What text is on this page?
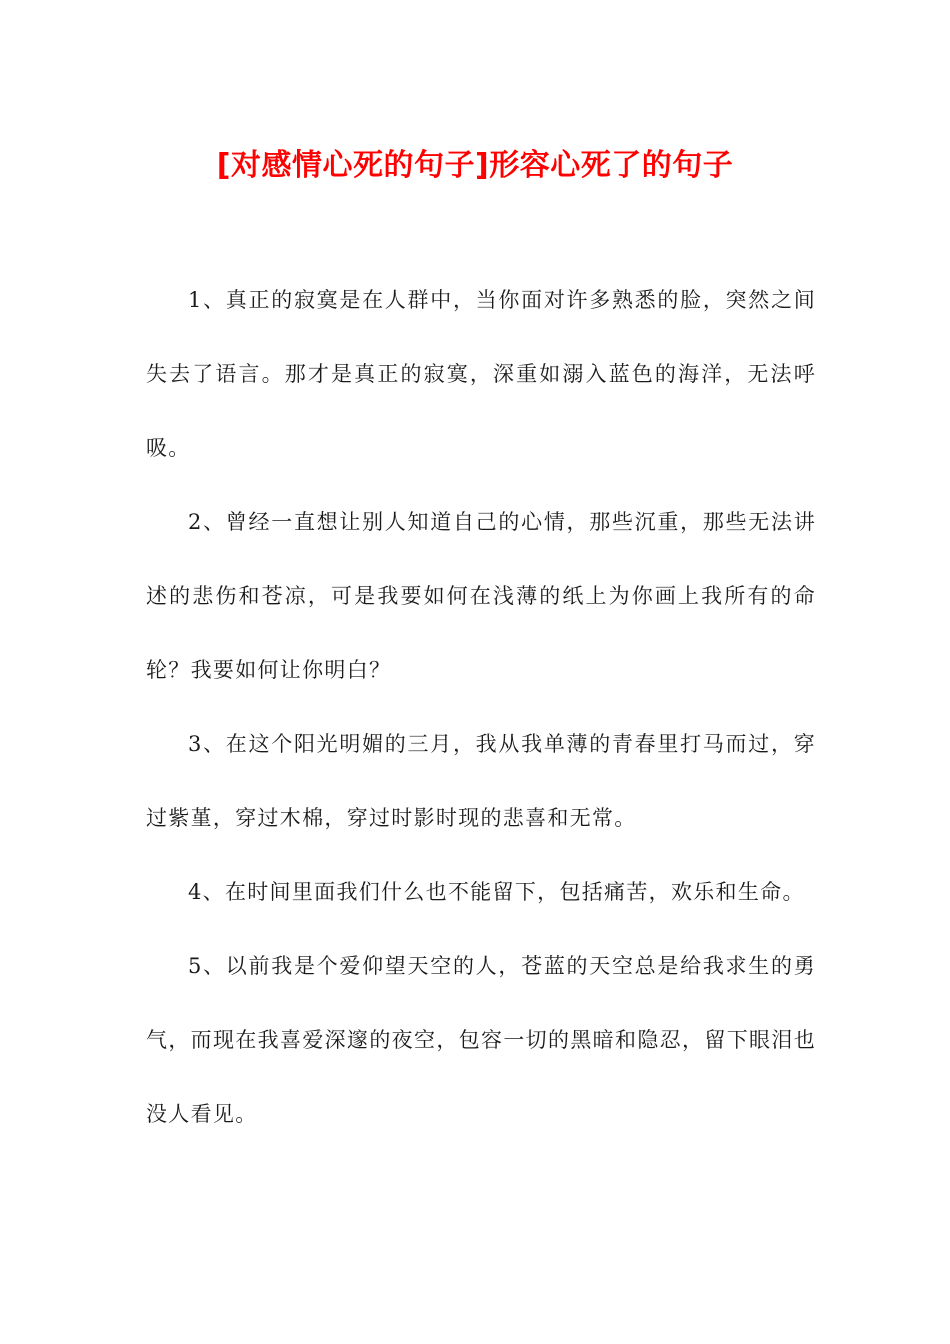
[对感情心死的句子]形容心死了的句子

1、真正的寂寞是在人群中，当你面对许多熟悉的脸，突然之间失去了语言。那才是真正的寂寞，深重如溺入蓝色的海洋，无法呼吸。

2、曾经一直想让别人知道自己的心情，那些沉重，那些无法讲述的悲伤和苍凉，可是我要如何在浅薄的纸上为你画上我所有的命轮？我要如何让你明白？

3、在这个阳光明媚的三月，我从我单薄的青春里打马而过，穿过紫堇，穿过木棉，穿过时影时现的悲喜和无常。

4、在时间里面我们什么也不能留下，包括痛苦，欢乐和生命。

5、以前我是个爱仰望天空的人，苍蓝的天空总是给我求生的勇气，而现在我喜爱深邃的夜空，包容一切的黑暗和隐忍，留下眼泪也没人看见。
